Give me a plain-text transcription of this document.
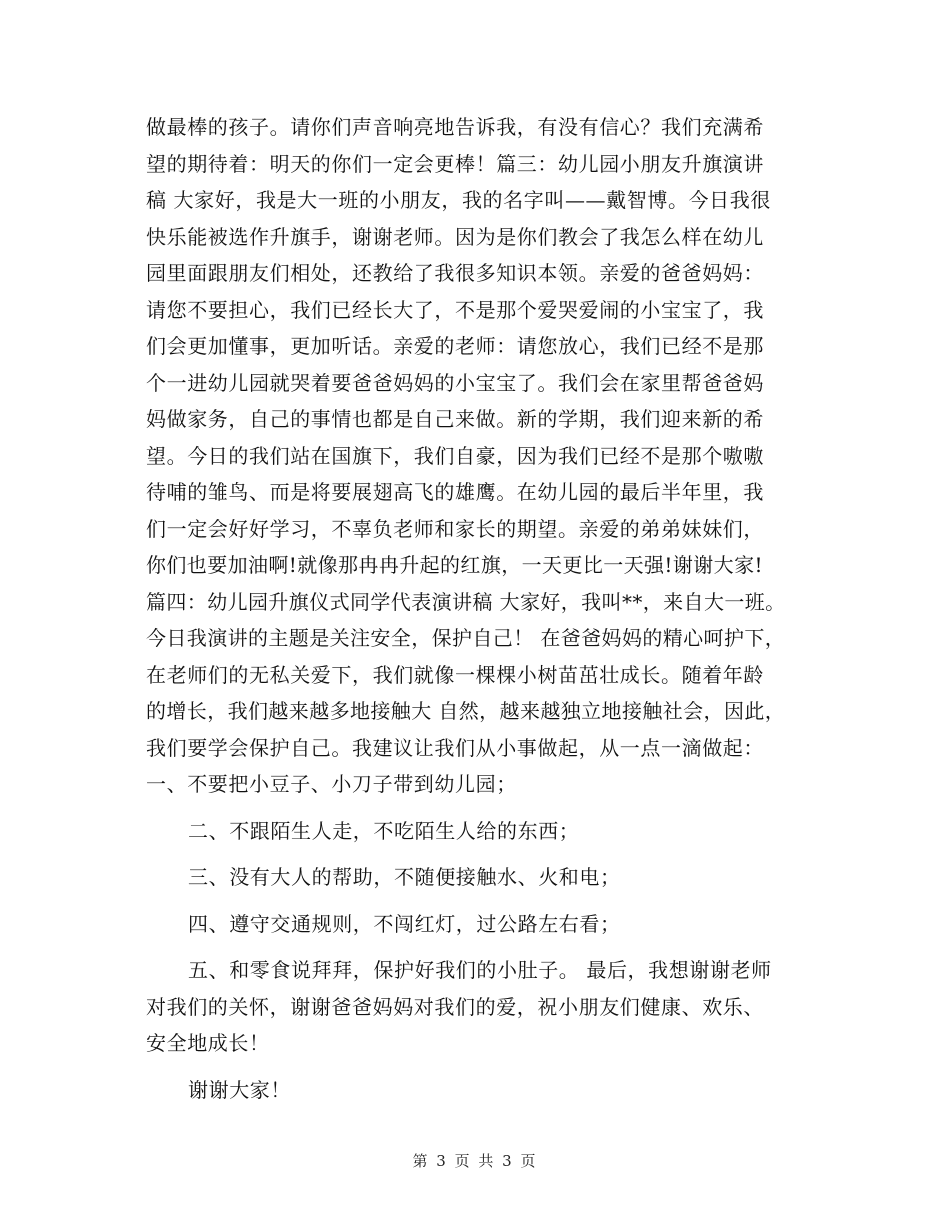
做最棒的孩子。请你们声音响亮地告诉我，有没有信心？我们充满希
望的期待着：明天的你们一定会更棒！篇三：幼儿园小朋友升旗演讲
稿 大家好，我是大一班的小朋友，我的名字叫——戴智博。今日我很
快乐能被选作升旗手，谢谢老师。因为是你们教会了我怎么样在幼儿
园里面跟朋友们相处，还教给了我很多知识本领。亲爱的爸爸妈妈：
请您不要担心，我们已经长大了，不是那个爱哭爱闹的小宝宝了，我
们会更加懂事，更加听话。亲爱的老师：请您放心，我们已经不是那
个一进幼儿园就哭着要爸爸妈妈的小宝宝了。我们会在家里帮爸爸妈
妈做家务，自己的事情也都是自己来做。新的学期，我们迎来新的希
望。今日的我们站在国旗下，我们自豪，因为我们已经不是那个嗷嗷
待哺的雏鸟、而是将要展翅高飞的雄鹰。在幼儿园的最后半年里，我
们一定会好好学习，不辜负老师和家长的期望。亲爱的弟弟妹妹们，
你们也要加油啊!就像那冉冉升起的红旗，一天更比一天强!谢谢大家!
篇四：幼儿园升旗仪式同学代表演讲稿 大家好，我叫**，来自大一班。
今日我演讲的主题是关注安全，保护自己！ 在爸爸妈妈的精心呵护下，
在老师们的无私关爱下，我们就像一棵棵小树苗茁壮成长。随着年龄
的增长，我们越来越多地接触大 自然，越来越独立地接触社会，因此，
我们要学会保护自己。我建议让我们从小事做起，从一点一滴做起：
一、不要把小豆子、小刀子带到幼儿园；
二、不跟陌生人走，不吃陌生人给的东西；
三、没有大人的帮助，不随便接触水、火和电；
四、遵守交通规则，不闯红灯，过公路左右看；
五、和零食说拜拜，保护好我们的小肚子。 最后，我想谢谢老师
对我们的关怀，谢谢爸爸妈妈对我们的爱，祝小朋友们健康、欢乐、
安全地成长！
谢谢大家！
第 3 页 共 3 页
